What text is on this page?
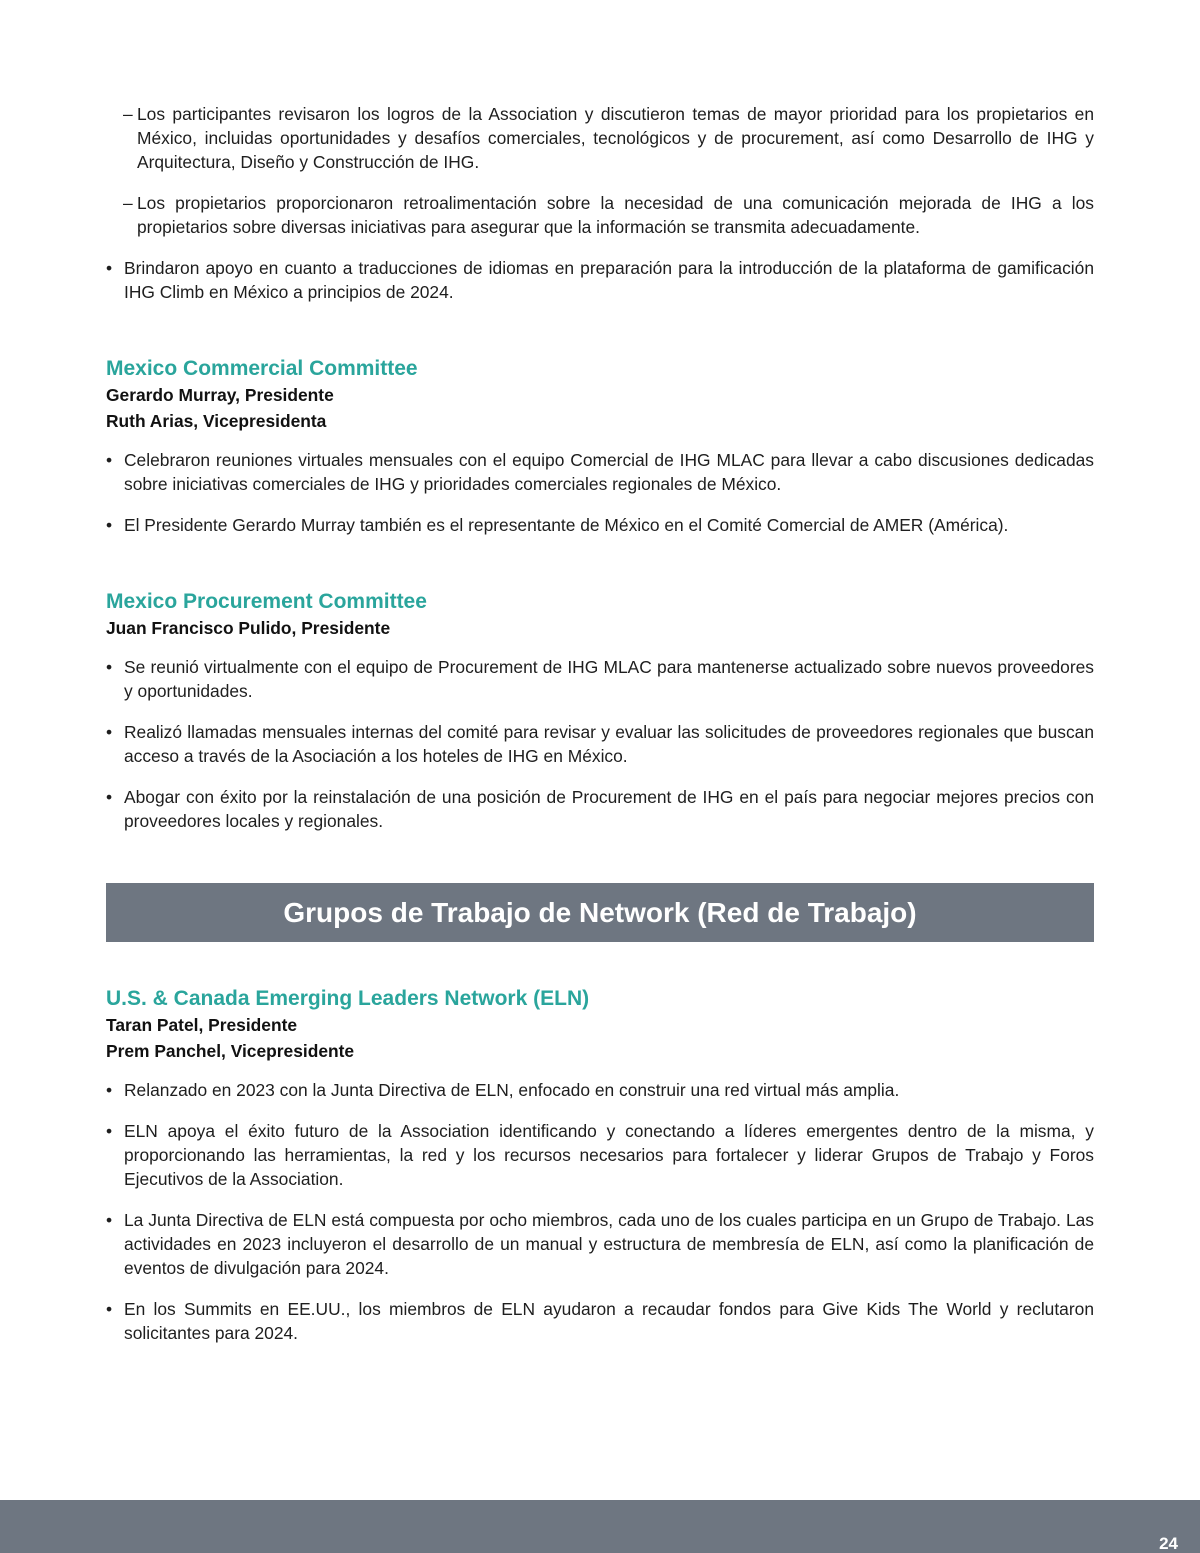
– Los participantes revisaron los logros de la Association y discutieron temas de mayor prioridad para los propietarios en México, incluidas oportunidades y desafíos comerciales, tecnológicos y de procurement, así como Desarrollo de IHG y Arquitectura, Diseño y Construcción de IHG.

– Los propietarios proporcionaron retroalimentación sobre la necesidad de una comunicación mejorada de IHG a los propietarios sobre diversas iniciativas para asegurar que la información se transmita adecuadamente.

• Brindaron apoyo en cuanto a traducciones de idiomas en preparación para la introducción de la plataforma de gamificación IHG Climb en México a principios de 2024.

Mexico Commercial Committee
Gerardo Murray, Presidente
Ruth Arias, Vicepresidenta

• Celebraron reuniones virtuales mensuales con el equipo Comercial de IHG MLAC para llevar a cabo discusiones dedicadas sobre iniciativas comerciales de IHG y prioridades comerciales regionales de México.

• El Presidente Gerardo Murray también es el representante de México en el Comité Comercial de AMER (América).

Mexico Procurement Committee
Juan Francisco Pulido, Presidente

• Se reunió virtualmente con el equipo de Procurement de IHG MLAC para mantenerse actualizado sobre nuevos proveedores y oportunidades.

• Realizó llamadas mensuales internas del comité para revisar y evaluar las solicitudes de proveedores regionales que buscan acceso a través de la Asociación a los hoteles de IHG en México.

• Abogar con éxito por la reinstalación de una posición de Procurement de IHG en el país para negociar mejores precios con proveedores locales y regionales.

Grupos de Trabajo de Network (Red de Trabajo)
U.S. & Canada Emerging Leaders Network (ELN)
Taran Patel, Presidente
Prem Panchel, Vicepresidente

• Relanzado en 2023 con la Junta Directiva de ELN, enfocado en construir una red virtual más amplia.

• ELN apoya el éxito futuro de la Association identificando y conectando a líderes emergentes dentro de la misma, y proporcionando las herramientas, la red y los recursos necesarios para fortalecer y liderar Grupos de Trabajo y Foros Ejecutivos de la Association.

• La Junta Directiva de ELN está compuesta por ocho miembros, cada uno de los cuales participa en un Grupo de Trabajo. Las actividades en 2023 incluyeron el desarrollo de un manual y estructura de membresía de ELN, así como la planificación de eventos de divulgación para 2024.

• En los Summits en EE.UU., los miembros de ELN ayudaron a recaudar fondos para Give Kids The World y reclutaron solicitantes para 2024.

24
